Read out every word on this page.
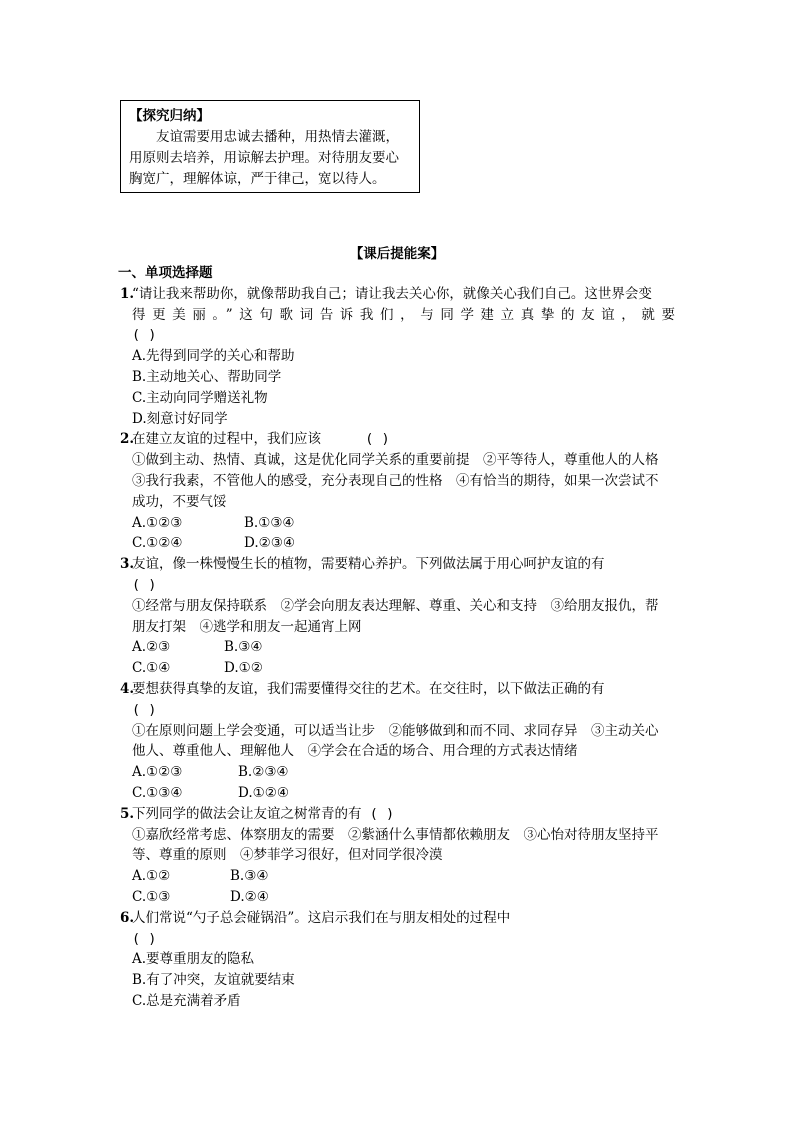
【探究归纳】
友谊需要用忠诚去播种，用热情去灌溉，
用原则去培养，用谅解去护理。对待朋友要心
胸宽广，理解体谅，严于律己，宽以待人。
【课后提能案】
一、单项选择题
1.
“请让我来帮助你，就像帮助我自己；请让我去关心你，就像关心我们自己。这世界会变
得更美丽。”这句歌词告诉我们，与同学建立真挚的友谊，就要
( )
A.先得到同学的关心和帮助
B.主动地关心、帮助同学
C.主动向同学赠送礼物
D.刻意讨好同学
2.
在建立友谊的过程中，我们应该	( )
①做到主动、热情、真诚，这是优化同学关系的重要前提　②平等待人，尊重他人的人格
③我行我素，不管他人的感受，充分表现自己的性格　④有恰当的期待，如果一次尝试不
成功，不要气馁
A.①②③	B.①③④
C.①②④	D.②③④
3.
友谊，像一株慢慢生长的植物，需要精心养护。下列做法属于用心呵护友谊的有
( )
①经常与朋友保持联系　②学会向朋友表达理解、尊重、关心和支持　③给朋友报仇，帮
朋友打架　④逃学和朋友一起通宵上网
A.②③	B.③④
C.①④	D.①②
4.
要想获得真挚的友谊，我们需要懂得交往的艺术。在交往时，以下做法正确的有
( )
①在原则问题上学会变通，可以适当让步　②能够做到和而不同、求同存异　③主动关心
他人、尊重他人、理解他人　④学会在合适的场合、用合理的方式表达情绪
A.①②③	B.②③④
C.①③④	D.①②④
5.
下列同学的做法会让友谊之树常青的有 ( )
①嘉欣经常考虑、体察朋友的需要　②紫涵什么事情都依赖朋友　③心怡对待朋友坚持平
等、尊重的原则　④梦菲学习很好，但对同学很冷漠
A.①②	B.③④
C.①③	D.②④
6.
人们常说“勺子总会碰锅沿”。这启示我们在与朋友相处的过程中
( )
A.要尊重朋友的隐私
B.有了冲突，友谊就要结束
C.总是充满着矛盾
